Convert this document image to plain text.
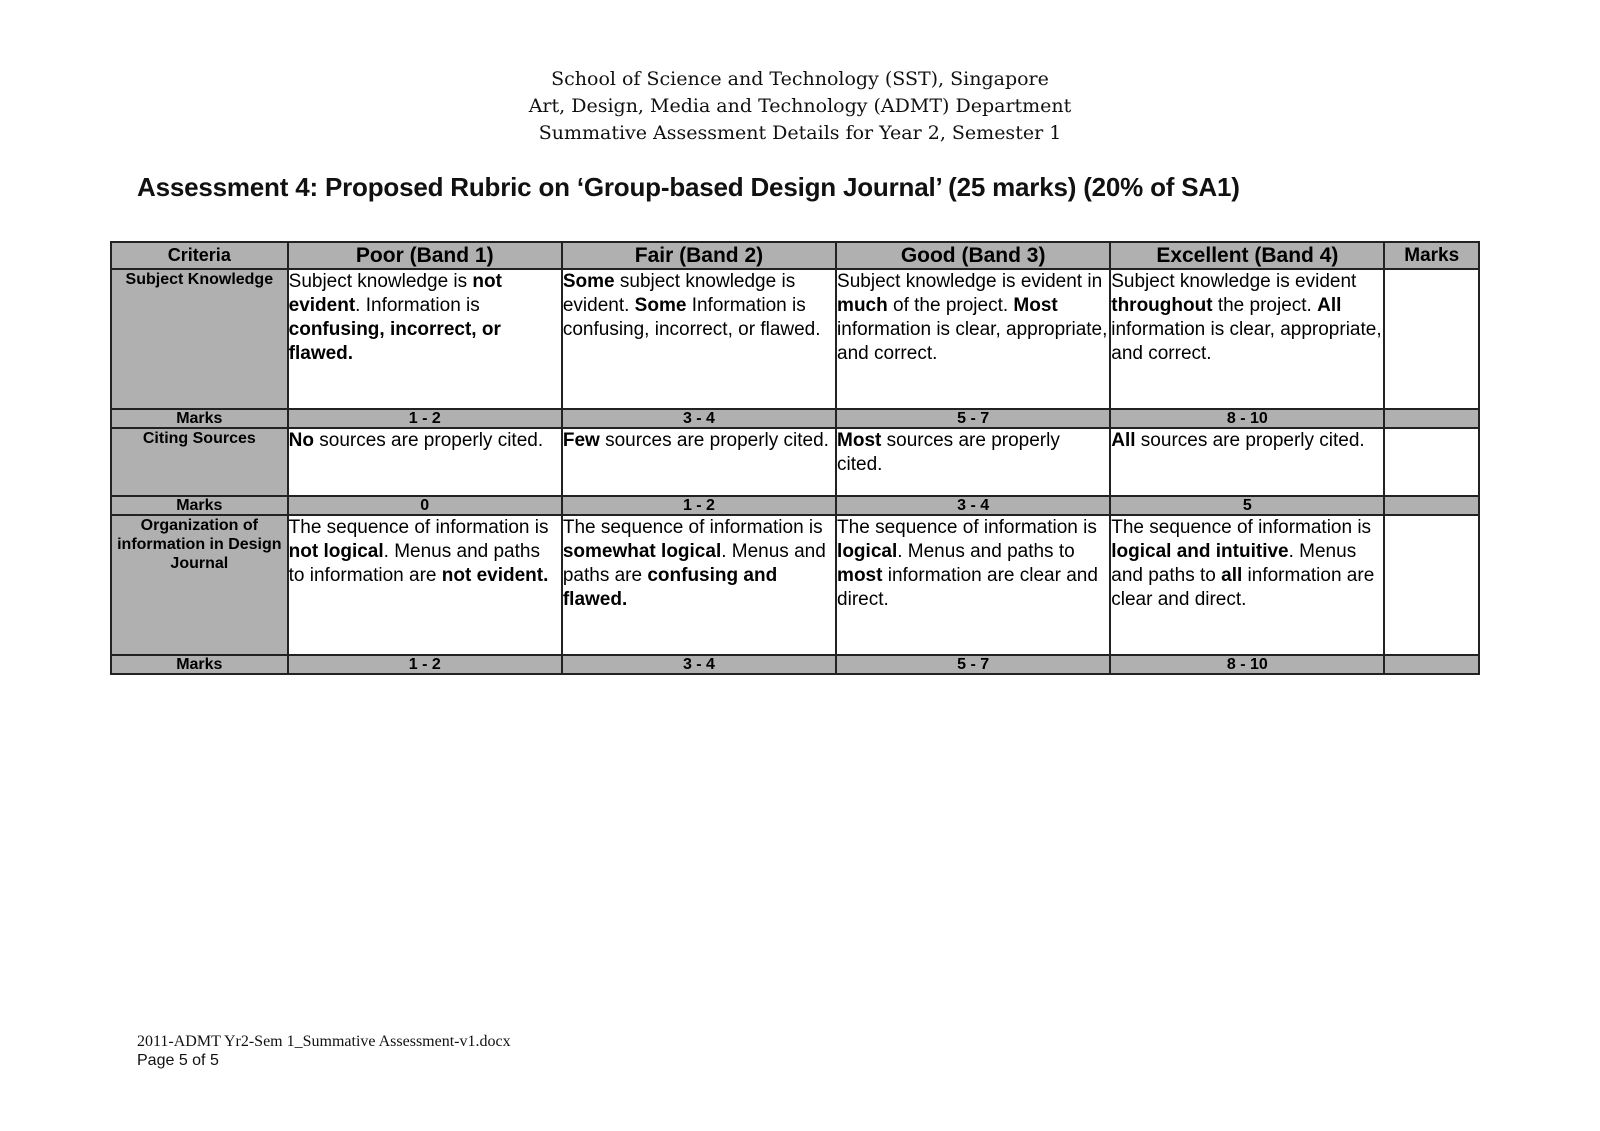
School of Science and Technology (SST), Singapore
Art, Design, Media and Technology (ADMT) Department
Summative Assessment Details for Year 2, Semester 1
Assessment 4: Proposed Rubric on ‘Group-based Design Journal’ (25 marks) (20% of SA1)
Criteria	Poor (Band 1)	Fair (Band 2)	Good (Band 3)	Excellent (Band 4)	Marks
Subject Knowledge	Subject knowledge is not evident. Information is confusing, incorrect, or flawed.	Some subject knowledge is evident. Some Information is confusing, incorrect, or flawed.	Subject knowledge is evident in much of the project. Most information is clear, appropriate, and correct.	Subject knowledge is evident throughout the project. All information is clear, appropriate, and correct.	
Marks	1 - 2	3 - 4	5 - 7	8 - 10	
Citing Sources	No sources are properly cited.	Few sources are properly cited.	Most sources are properly cited.	All sources are properly cited.	
Marks	0	1 - 2	3 - 4	5	
Organization of information in Design Journal	The sequence of information is not logical. Menus and paths to information are not evident.	The sequence of information is somewhat logical. Menus and paths are confusing and flawed.	The sequence of information is logical. Menus and paths to most information are clear and direct.	The sequence of information is logical and intuitive. Menus and paths to all information are clear and direct.	
Marks	1 - 2	3 - 4	5 - 7	8 - 10	
2011-ADMT Yr2-Sem 1_Summative Assessment-v1.docx
Page 5 of 5
